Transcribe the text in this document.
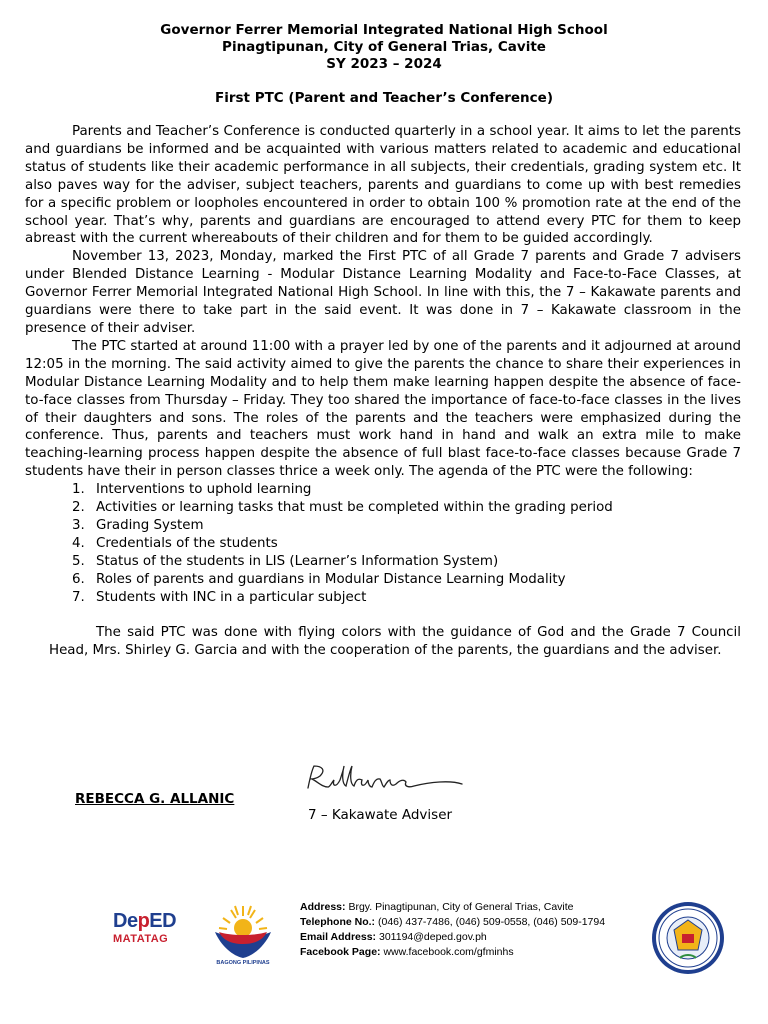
Governor Ferrer Memorial Integrated National High School
Pinagtipunan, City of General Trias, Cavite
SY 2023 – 2024
First PTC (Parent and Teacher’s Conference)

Parents and Teacher’s Conference is conducted quarterly in a school year. It aims to let the parents and guardians be informed and be acquainted with various matters related to academic and educational status of students like their academic performance in all subjects, their credentials, grading system etc. It also paves way for the adviser, subject teachers, parents and guardians to come up with best remedies for a specific problem or loopholes encountered in order to obtain 100 % promotion rate at the end of the school year. That’s why, parents and guardians are encouraged to attend every PTC for them to keep abreast with the current whereabouts of their children and for them to be guided accordingly.

November 13, 2023, Monday, marked the First PTC of all Grade 7 parents and Grade 7 advisers under Blended Distance Learning - Modular Distance Learning Modality and Face-to-Face Classes, at Governor Ferrer Memorial Integrated National High School. In line with this, the 7 – Kakawate parents and guardians were there to take part in the said event. It was done in 7 – Kakawate classroom in the presence of their adviser.

The PTC started at around 11:00 with a prayer led by one of the parents and it adjourned at around 12:05 in the morning. The said activity aimed to give the parents the chance to share their experiences in Modular Distance Learning Modality and to help them make learning happen despite the absence of face-to-face classes from Thursday – Friday. They too shared the importance of face-to-face classes in the lives of their daughters and sons. The roles of the parents and the teachers were emphasized during the conference. Thus, parents and teachers must work hand in hand and walk an extra mile to make teaching-learning process happen despite the absence of full blast face-to-face classes because Grade 7 students have their in person classes thrice a week only. The agenda of the PTC were the following:

1. Interventions to uphold learning
2. Activities or learning tasks that must be completed within the grading period
3. Grading System
4. Credentials of the students
5. Status of the students in LIS (Learner’s Information System)
6. Roles of parents and guardians in Modular Distance Learning Modality
7. Students with INC in a particular subject

The said PTC was done with flying colors with the guidance of God and the Grade 7 Council Head, Mrs. Shirley G. Garcia and with the cooperation of the parents, the guardians and the adviser.

REBECCA G. ALLANIC
7 – Kakawate Adviser
DepED
MATATAG
BAGONG PILIPINAS
Address: Brgy. Pinagtipunan, City of General Trias, Cavite
Telephone No.: (046) 437-7486, (046) 509-0558, (046) 509-1794
Email Address: 301194@deped.gov.ph
Facebook Page: www.facebook.com/gfminhs
